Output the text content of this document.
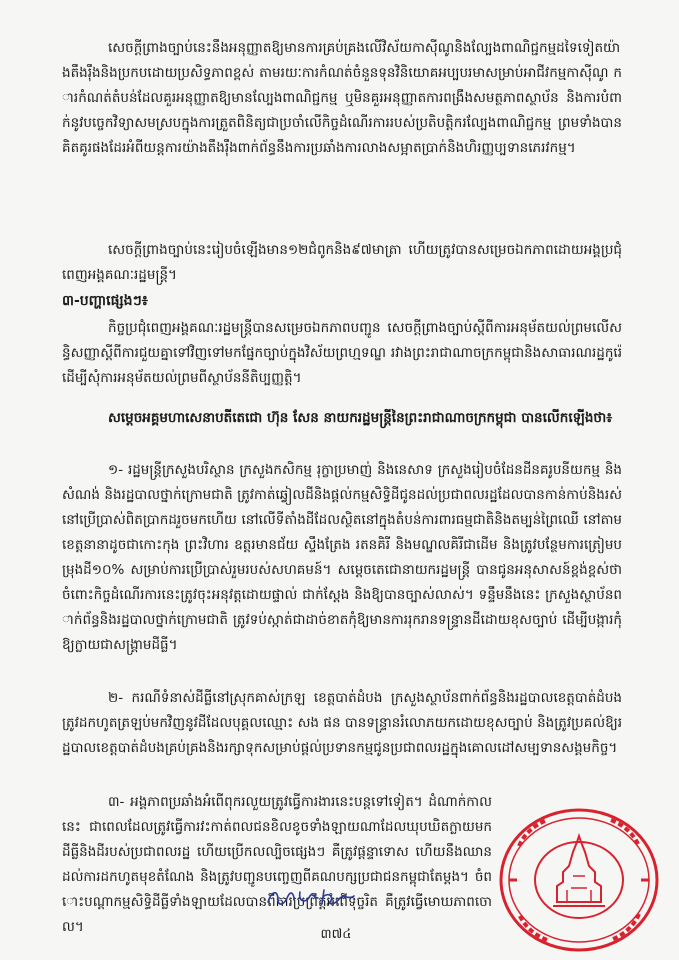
សេចក្ដីព្រាងច្បាប់នេះនឹងអនុញ្ញាតឱ្យមានការគ្រប់គ្រងលើវិស័យកាស៊ីណូនិងល្បែងពាណិជ្ជកម្មដទៃទៀតយ៉ាងតឹងរ៉ឹងនិងប្រកបដោយប្រសិទ្ធភាពខ្ពស់ តាមរយៈការកំណត់ចំនួនទុនវិនិយោគអប្បបរមាសម្រាប់អាជីវកម្មកាស៊ីណូ ការកំណត់តំបន់ដែលគួរអនុញ្ញាតឱ្យមានល្បែងពាណិជ្ជកម្ម ឬមិនគួរអនុញ្ញាតការពង្រឹងសមត្ថភាពស្ថាប័ន និងការបំពាក់នូវបច្ចេកវិទ្យាសមស្របក្នុងការត្រួតពិនិត្យជាប្រចាំលើកិច្ចដំណើរការរបស់ប្រតិបត្តិករល្បែងពាណិជ្ជកម្ម ព្រមទាំងបានគិតគូរផងដែរអំពីយន្តការយ៉ាងតឹងរ៉ឹងពាក់ព័ន្ធនឹងការប្រឆាំងការលាងសម្អាតប្រាក់និងហិរញ្ញប្បទានភេរវកម្ម។
សេចក្ដីព្រាងច្បាប់នេះរៀបចំឡើងមាន១២ជំពូកនិង៩៧មាត្រា ហើយត្រូវបានសម្រេចឯកភាពដោយអង្គប្រជុំពេញអង្គគណៈរដ្ឋមន្ត្រី។
៣-បញ្ហាផ្សេងៗ៖
កិច្ចប្រជុំពេញអង្គគណៈរដ្ឋមន្ត្រីបានសម្រេចឯកភាពបញ្ជូន សេចក្ដីព្រាងច្បាប់ស្ដីពីការអនុម័តយល់ព្រមលើសន្ធិសញ្ញាស្ដីពីការជួយគ្នាទៅវិញទៅមកផ្នែកច្បាប់ក្នុងវិស័យព្រហ្មទណ្ឌ រវាងព្រះរាជាណាចក្រកម្ពុជានិងសាធារណរដ្ឋកូរ៉េ ដើម្បីសុំការអនុម័តយល់ព្រមពីស្ថាប័ននីតិប្បញ្ញត្តិ។
សម្ដេចអគ្គមហាសេនាបតីតេជោ ហ៊ុន សែន នាយករដ្ឋមន្ត្រីនៃព្រះរាជាណាចក្រកម្ពុជា បានលើកឡើងថា៖
១- រដ្ឋមន្ត្រីក្រសួងបរិស្ថាន ក្រសួងកសិកម្ម រុក្ខាប្រមាញ់ និងនេសាទ ក្រសួងរៀបចំដែនដីនគរូបនីយកម្ម និងសំណង់ និងរដ្ឋបាលថ្នាក់ក្រោមជាតិ ត្រូវកាត់ឆ្វៀលដីនិងផ្ដល់កម្មសិទ្ធិដីជូនដល់ប្រជាពលរដ្ឋដែលបានកាន់កាប់និងរស់នៅប្រើប្រាស់ពិតប្រាកដរួចមកហើយ នៅលើទីតាំងដីដែលស្ថិតនៅក្នុងតំបន់ការពារធម្មជាតិនិងតម្បន់ព្រៃឈើ នៅតាមខេត្តនានាដូចជាកោះកុង ព្រះវិហារ ឧត្ដរមានជ័យ ស្ទឹងត្រែង រតនគិរី និងមណ្ឌលគិរីជាដើម និងត្រូវបន្ថែមការត្រៀមបម្រុងដី១០% សម្រាប់ការប្រើប្រាស់រួមរបស់សហគមន៍។ សម្ដេចតេជោនាយករដ្ឋមន្ត្រី បានជូនអនុសាសន៍ខ្ពង់ខ្ពស់ថា ចំពោះកិច្ចដំណើរការនេះត្រូវចុះអនុវត្តដោយផ្ទាល់ ជាក់ស្ដែង និងឱ្យបានច្បាស់លាស់។ ទន្ទឹមនឹងនេះ ក្រសួងស្ថាប័នពាក់ព័ន្ធនិងរដ្ឋបាលថ្នាក់ក្រោមជាតិ ត្រូវទប់ស្កាត់ជាដាច់ខាតកុំឱ្យមានការរុករានទន្ទ្រានដីដោយខុសច្បាប់ ដើម្បីបង្ការកុំឱ្យក្លាយជាសង្គ្រាមដីធ្លី។
២- ករណីទំនាស់ដីធ្លីនៅស្រុកគាស់ក្រឡ ខេត្តបាត់ដំបង ក្រសួងស្ថាប័នពាក់ព័ន្ធនិងរដ្ឋបាលខេត្តបាត់ដំបង ត្រូវដកហូតត្រឡប់មកវិញនូវដីដែលបុគ្គលឈ្មោះ សង ផន បានទន្ទ្រានរំលោភយកដោយខុសច្បាប់ និងត្រូវប្រគល់ឱ្យរដ្ឋបាលខេត្តបាត់ដំបងគ្រប់គ្រងនិងរក្សាទុកសម្រាប់ផ្ដល់ប្រទានកម្មជូនប្រជាពលរដ្ឋក្នុងគោលដៅសម្បទានសង្គមកិច្ច។
៣- អង្គភាពប្រឆាំងអំពើពុករលួយត្រូវធ្វើការងារនេះបន្តទៅទៀត។ ដំណាក់កាលនេះ ជាពេលដែលត្រូវធ្វើការវះកាត់ពលជនខិលខូចទាំងឡាយណាដែលឃុបឃិតក្លាយមកដីធ្លីនិងដីរបស់ប្រជាពលរដ្ឋ ហើយប្រើកលល្បិចផ្សេងៗ គឺត្រូវផ្ដន្ទាទោស ហើយនឹងឈានដល់ការដកហូតមុខតំណែង និងត្រូវបញ្ជូនបញ្ចេញពីគណបក្សប្រជាជនកម្ពុជាតែម្ដង។ ចំពោះបណ្ដាកម្មសិទ្ធិដីធ្លីទាំងឡាយដែលបានពីការប្រព្រឹត្តអំពើទុច្ចរិត គឺត្រូវធ្វើមោឃភាពចោល។	៣៧៤
